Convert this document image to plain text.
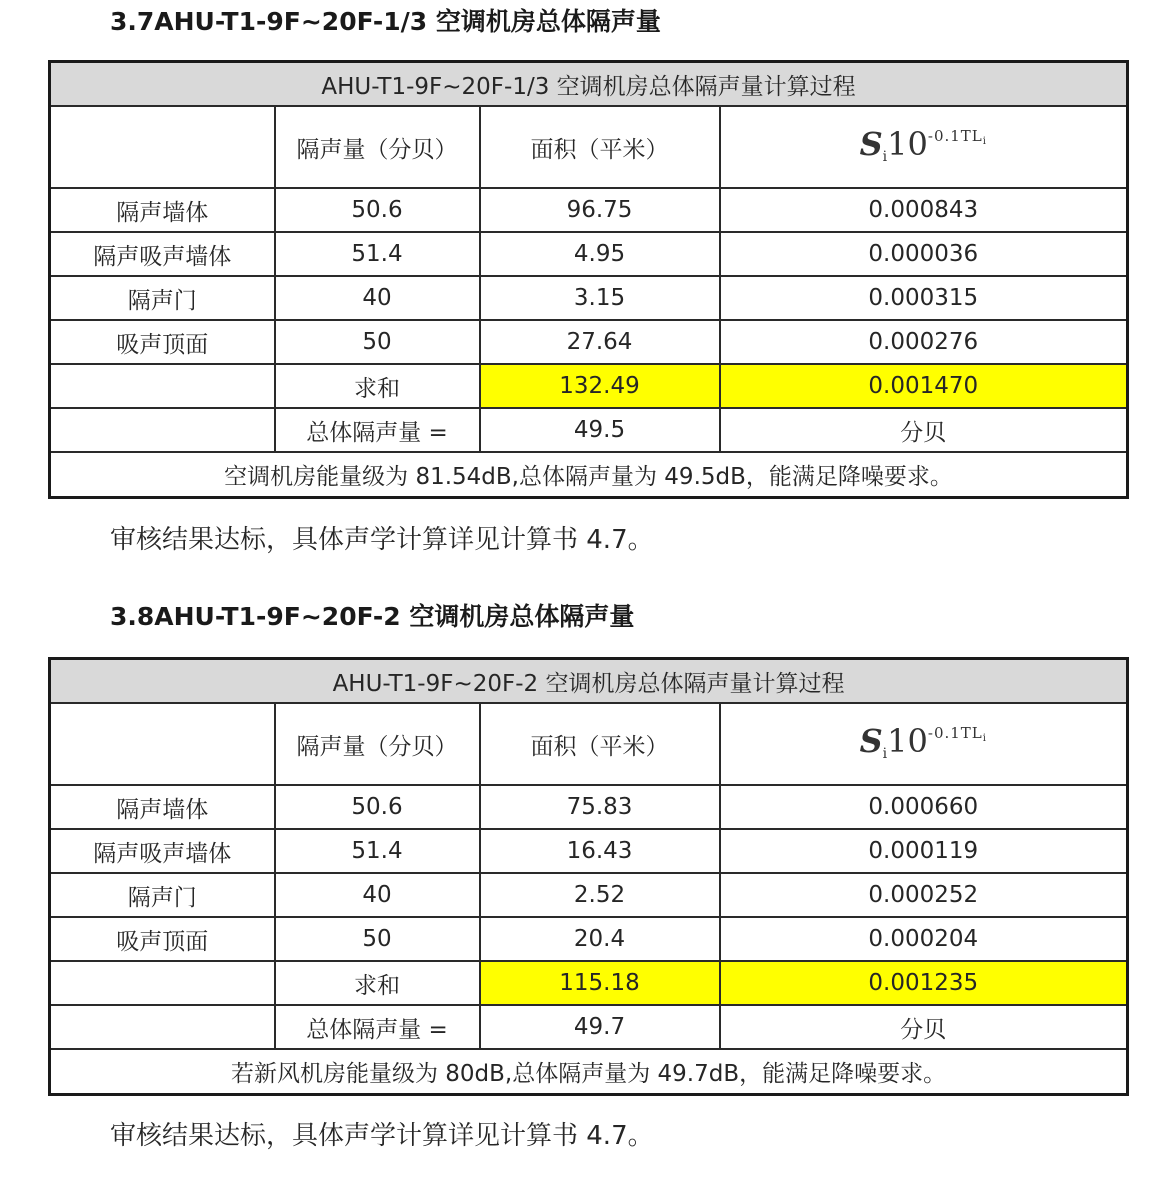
3.7AHU-T1-9F~20F-1/3 空调机房总体隔声量
AHU-T1-9F~20F-1/3 空调机房总体隔声量计算过程			
	隔声量（分贝）	面积（平米）	$S_i10^{-0.1TL_i}$
隔声墙体	50.6	96.75	0.000843
隔声吸声墙体	51.4	4.95	0.000036
隔声门	40	3.15	0.000315
吸声顶面	50	27.64	0.000276
	求和	132.49	0.001470
	总体隔声量 =	49.5	分贝
空调机房能量级为 81.54dB,总体隔声量为 49.5dB，能满足降噪要求。			

审核结果达标，具体声学计算详见计算书 4.7。

3.8AHU-T1-9F~20F-2 空调机房总体隔声量
AHU-T1-9F~20F-2 空调机房总体隔声量计算过程			
	隔声量（分贝）	面积（平米）	$S_i10^{-0.1TL_i}$
隔声墙体	50.6	75.83	0.000660
隔声吸声墙体	51.4	16.43	0.000119
隔声门	40	2.52	0.000252
吸声顶面	50	20.4	0.000204
	求和	115.18	0.001235
	总体隔声量 =	49.7	分贝
若新风机房能量级为 80dB,总体隔声量为 49.7dB，能满足降噪要求。			

审核结果达标，具体声学计算详见计算书 4.7。
